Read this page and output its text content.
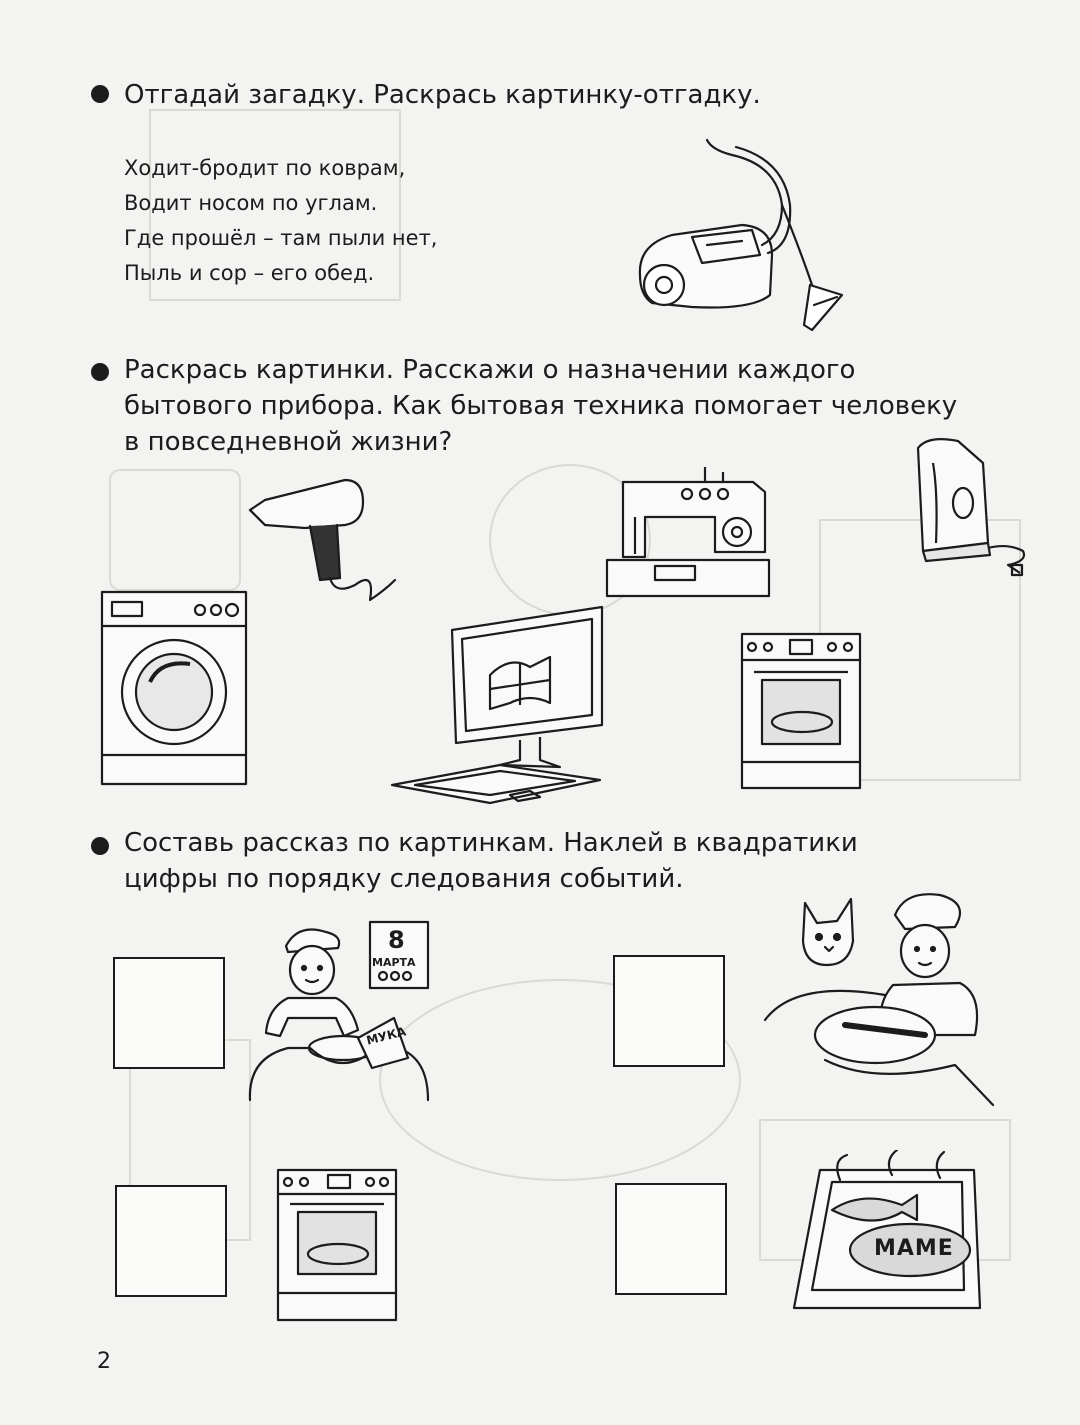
Отгадай загадку. Раскрась картинку-отгадку.

Ходит-бродит по коврам,
Водит носом по углам.
Где прошёл – там пыли нет,
Пыль и сор – его обед.

Раскрась картинки. Расскажи о назначении каждого
бытового прибора. Как бытовая техника помогает человеку
в повседневной жизни?

Составь рассказ по картинкам. Наклей в квадратики
цифры по порядку следования событий.

8
МАРТА
МУКА
МАМЕ
2
